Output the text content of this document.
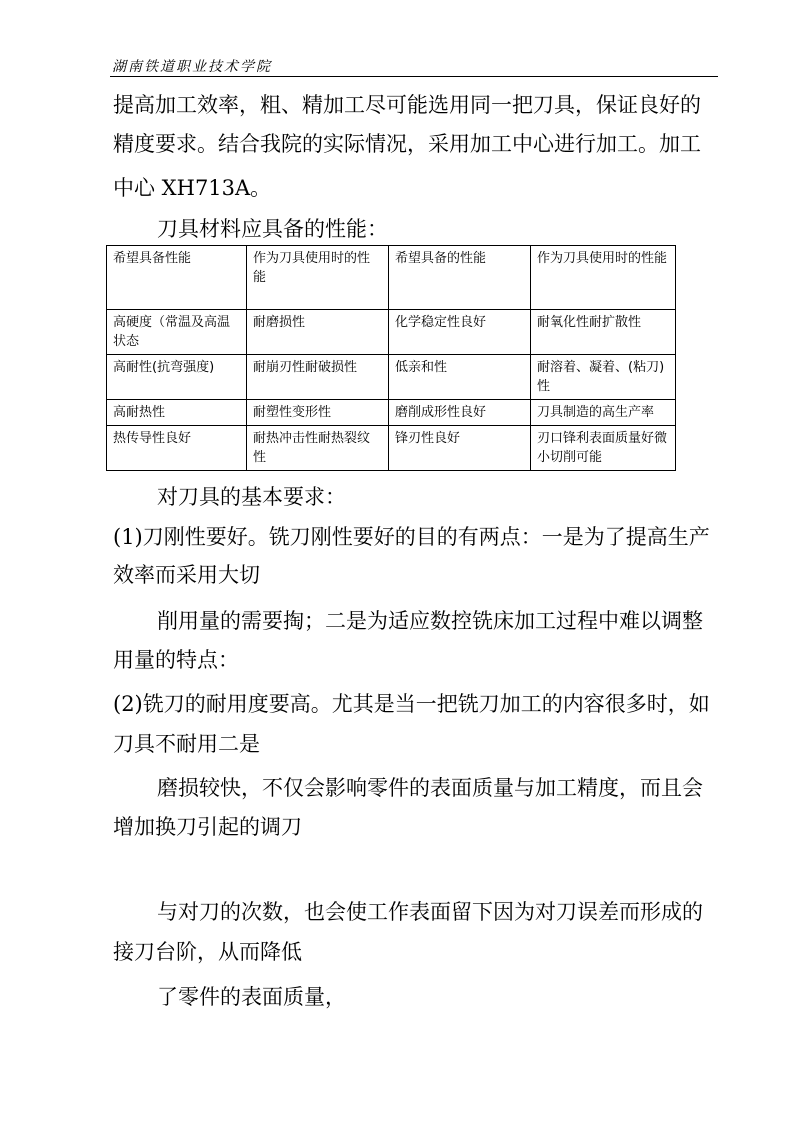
湖南铁道职业技术学院
提高加工效率，粗、精加工尽可能选用同一把刀具，保证良好的
精度要求。结合我院的实际情况，采用加工中心进行加工。加工
中心 XH713A。
刀具材料应具备的性能：
希望具备性能	作为刀具使用时的性能	希望具备的性能	作为刀具使用时的性能
高硬度（常温及高温状态	耐磨损性	化学稳定性良好	耐氧化性耐扩散性
高耐性(抗弯强度)	耐崩刃性耐破损性	低亲和性	耐溶着、凝着、(粘刀)性
高耐热性	耐塑性变形性	磨削成形性良好	刀具制造的高生产率
热传导性良好	耐热冲击性耐热裂纹性	锋刃性良好	刃口锋利表面质量好微小切削可能
对刀具的基本要求：
(1)刀刚性要好。铣刀刚性要好的目的有两点：一是为了提高生产
效率而采用大切
削用量的需要掏；二是为适应数控铣床加工过程中难以调整
用量的特点：
(2)铣刀的耐用度要高。尤其是当一把铣刀加工的内容很多时，如
刀具不耐用二是
磨损较快，不仅会影响零件的表面质量与加工精度，而且会
增加换刀引起的调刀
与对刀的次数，也会使工作表面留下因为对刀误差而形成的
接刀台阶，从而降低
了零件的表面质量，
